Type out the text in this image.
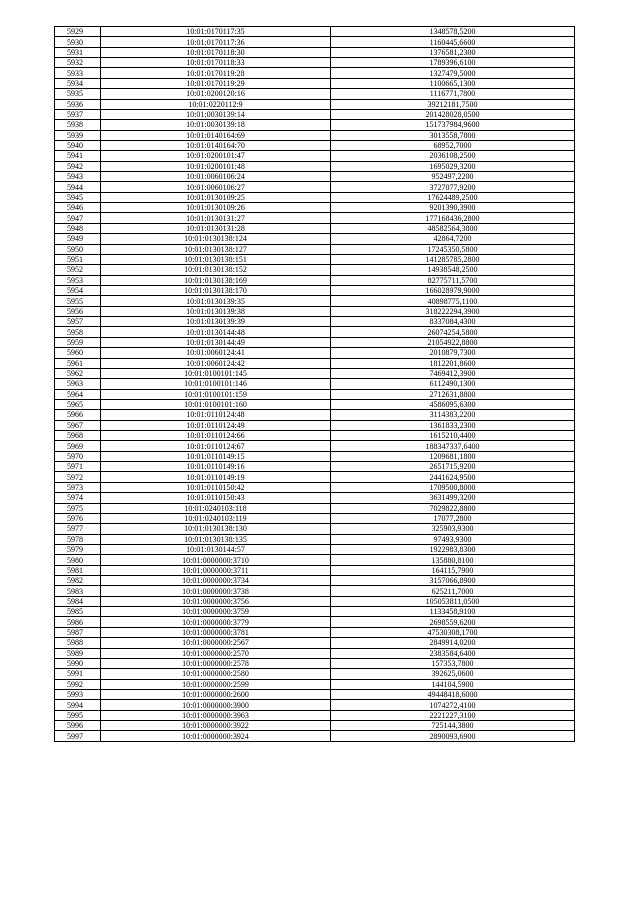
5929	10:01:0170117:35	1348578,5200
5930	10:01:0170117:36	1160445,6600
5931	10:01:0170118:30	1376581,2300
5932	10:01:0170118:33	1789396,6100
5933	10:01:0170119:28	1327479,5000
5934	10:01:0170119:29	1100665,1300
5935	10:01:0200120:16	1116771,7800
5936	10:01:0220112:9	39212181,7500
5937	10:01:0030139:14	201428028,0500
5938	10:01:0030139:18	151737984,9600
5939	10:01:0140164:69	3013558,7800
5940	10:01:0140164:70	68952,7000
5941	10:01:0200101:47	2036108,2500
5942	10:01:0200101:48	1695029,3200
5943	10:01:0060106:24	952497,2200
5944	10:01:0060106:27	3727077,9200
5945	10:01:0130109:25	17624489,2500
5946	10:01:0130109:26	9201390,3900
5947	10:01:0130131:27	177168436,2800
5948	10:01:0130131:28	48582564,3800
5949	10:01:0130138:124	42864,7200
5950	10:01:0130138:127	17245350,5800
5951	10:01:0130138:151	141285785,2800
5952	10:01:0130138:152	14938548,2500
5953	10:01:0130138:169	82775711,5700
5954	10:01:0130138:170	166028979,9000
5955	10:01:0130139:35	40898775,1100
5956	10:01:0130139:38	318222294,3900
5957	10:01:0130139:39	8337084,4300
5958	10:01:0130144:48	26074254,5800
5959	10:01:0130144:49	21054922,8800
5960	10:01:0060124:41	2010879,7300
5961	10:01:0060124:42	1812201,8600
5962	10:01:0100101:145	7469412,3900
5963	10:01:0100101:146	6112490,1300
5964	10:01:0100101:159	2712631,8800
5965	10:01:0100101:160	4586095,6300
5966	10:01:0110124:48	3114383,2200
5967	10:01:0110124:49	1361833,2300
5968	10:01:0110124:66	1615210,4400
5969	10:01:0110124:67	188347337,6400
5970	10:01:0110149:15	1209681,1800
5971	10:01:0110149:16	2651715,9200
5972	10:01:0110149:19	2441624,9500
5973	10:01:0110150:42	1709500,8000
5974	10:01:0110150:43	3631499,3200
5975	10:01:0240103:118	7029822,8800
5976	10:01:0240103:119	17077,2800
5977	10:01:0130138:130	325903,9300
5978	10:01:0130138:135	97493,9300
5979	10:01:0130144:57	1922983,8300
5980	10:01:0000000:3710	135880,8100
5981	10:01:0000000:3711	164115,7900
5982	10:01:0000000:3734	3157066,8900
5983	10:01:0000000:3738	625211,7000
5984	10:01:0000000:3756	105053811,0500
5985	10:01:0000000:3759	1133458,9100
5986	10:01:0000000:3779	2698559,6200
5987	10:01:0000000:3781	47530308,1700
5988	10:01:0000000:2567	2849914,0200
5989	10:01:0000000:2570	2383584,6400
5990	10:01:0000000:2578	157353,7800
5991	10:01:0000000:2580	392625,0600
5992	10:01:0000000:2599	144104,5900
5993	10:01:0000000:2600	49448418,6000
5994	10:01:0000000:3900	1074272,4100
5995	10:01:0000000:3963	2221227,3100
5996	10:01:0000000:3922	725144,3800
5997	10:01:0000000:3924	2890093,6900
